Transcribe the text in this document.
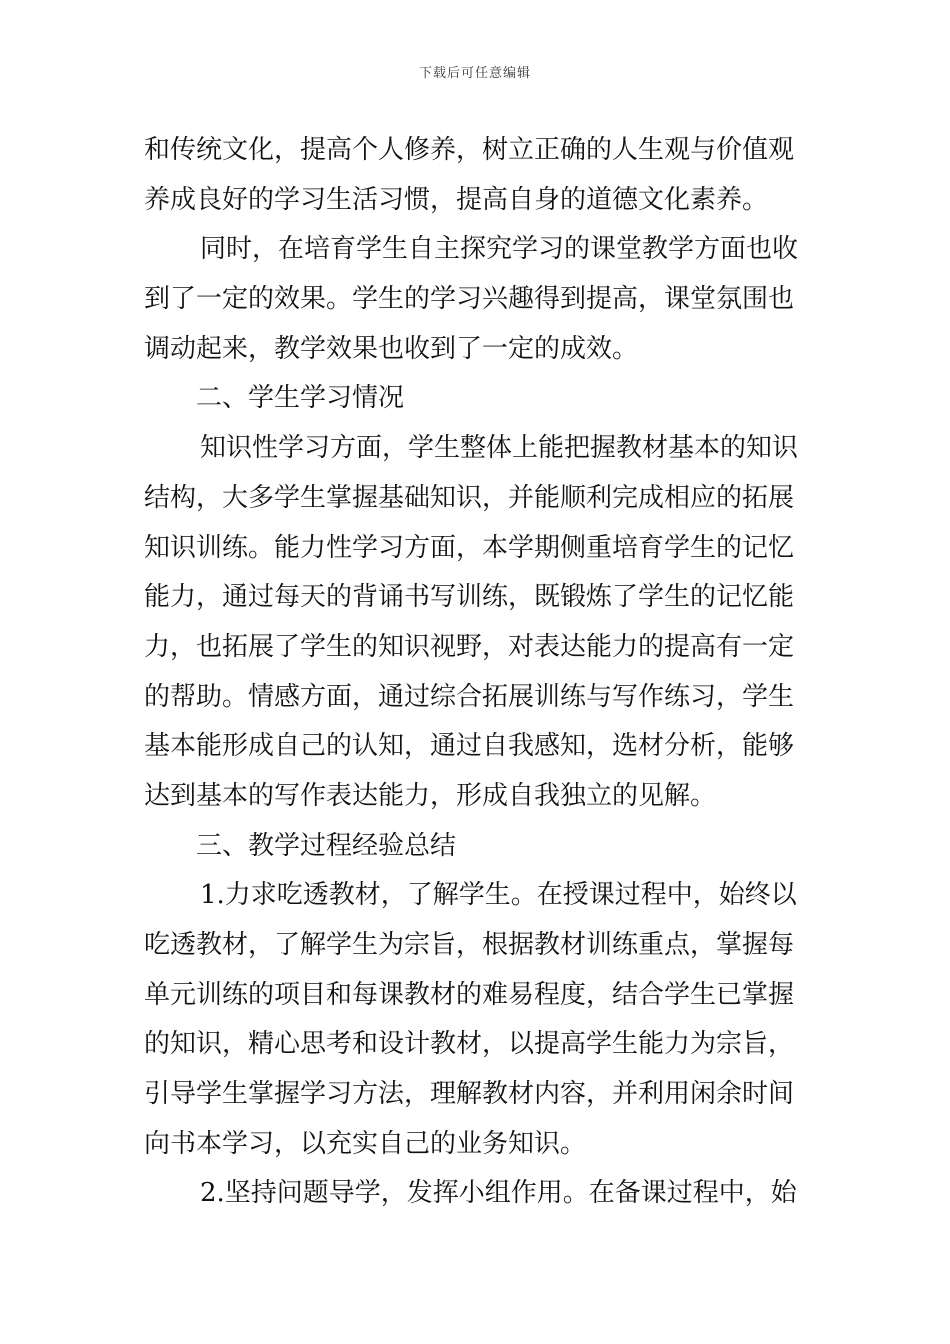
下载后可任意编辑
和传统文化，提高个人修养，树立正确的人生观与价值观
养成良好的学习生活习惯，提高自身的道德文化素养。
同时，在培育学生自主探究学习的课堂教学方面也收
到了一定的效果。学生的学习兴趣得到提高，课堂氛围也
调动起来，教学效果也收到了一定的成效。
二、学生学习情况
知识性学习方面，学生整体上能把握教材基本的知识
结构，大多学生掌握基础知识，并能顺利完成相应的拓展
知识训练。能力性学习方面，本学期侧重培育学生的记忆
能力，通过每天的背诵书写训练，既锻炼了学生的记忆能
力，也拓展了学生的知识视野，对表达能力的提高有一定
的帮助。情感方面，通过综合拓展训练与写作练习，学生
基本能形成自己的认知，通过自我感知，选材分析，能够
达到基本的写作表达能力，形成自我独立的见解。
三、教学过程经验总结
1.力求吃透教材，了解学生。在授课过程中，始终以
吃透教材，了解学生为宗旨，根据教材训练重点，掌握每
单元训练的项目和每课教材的难易程度，结合学生已掌握
的知识，精心思考和设计教材，以提高学生能力为宗旨，
引导学生掌握学习方法，理解教材内容，并利用闲余时间
向书本学习，以充实自己的业务知识。
2.坚持问题导学，发挥小组作用。在备课过程中，始
